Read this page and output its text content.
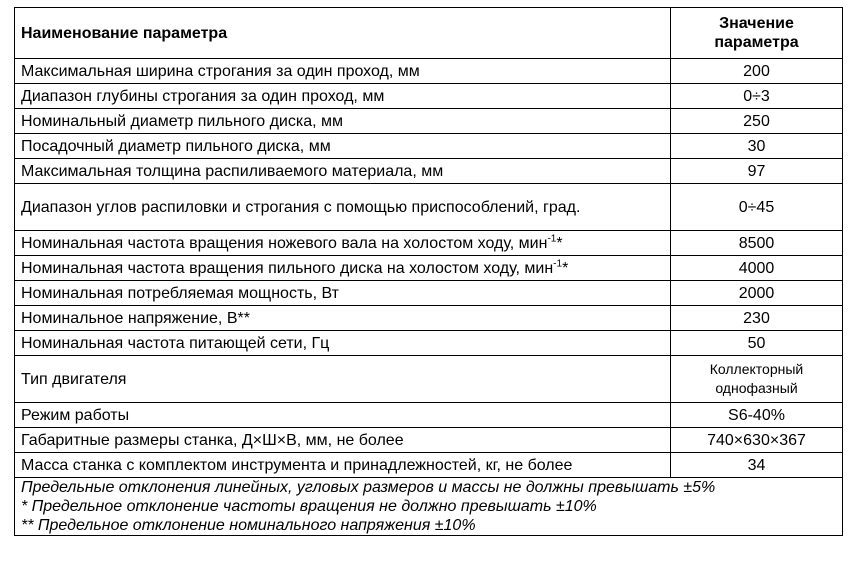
Наименование параметра	Значение параметра
Максимальная ширина строгания за один проход, мм	200
Диапазон глубины строгания за один проход, мм	0÷3
Номинальный диаметр пильного диска, мм	250
Посадочный диаметр пильного диска, мм	30
Максимальная толщина распиливаемого материала, мм	97
Диапазон углов распиловки и строгания с помощью приспособлений, град.	0÷45
Номинальная частота вращения ножевого вала на холостом ходу, мин$^{-1}$*	8500
Номинальная частота вращения пильного диска на холостом ходу, мин$^{-1}$*	4000
Номинальная потребляемая мощность, Вт	2000
Номинальное напряжение, В**	230
Номинальная частота питающей сети, Гц	50
Тип двигателя	Коллекторный однофазный
Режим работы	S6-40%
Габаритные размеры станка, Д×Ш×В, мм, не более	740×630×367
Масса станка с комплектом инструмента и принадлежностей, кг, не более	34

Предельные отклонения линейных, угловых размеров и массы не должны превышать ±5%
* Предельное отклонение частоты вращения не должно превышать ±10%
** Предельное отклонение номинального напряжения ±10%	
